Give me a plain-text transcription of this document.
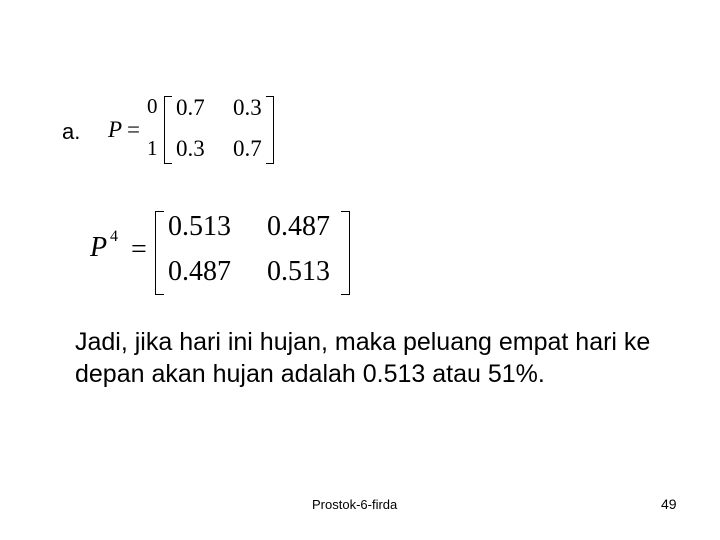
a. P =
0
1
0.7 0.3
0.3 0.7
P 4 =
0.513 0.487
0.487 0.513

Jadi, jika hari ini hujan, maka peluang empat hari ke depan akan hujan adalah 0.513 atau 51%.

Prostok-6-firda	49
